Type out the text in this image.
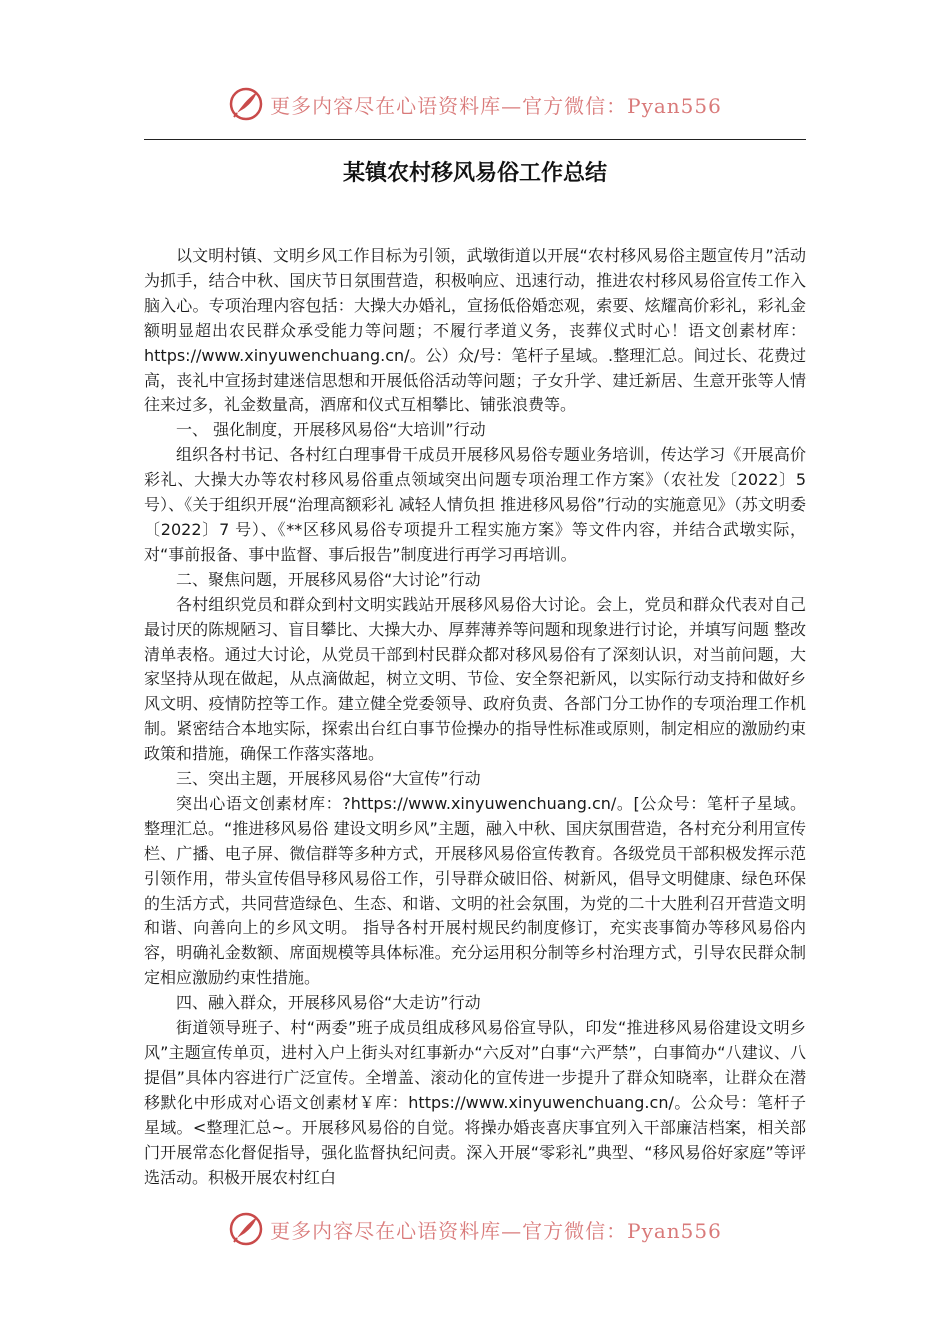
更多内容尽在心语资料库—官方微信：Pyan556
某镇农村移风易俗工作总结

以文明村镇、文明乡风工作目标为引领，武墩街道以开展“农村移风易俗主题宣传月”活动为抓手，结合中秋、国庆节日氛围营造，积极响应、迅速行动，推进农村移风易俗宣传工作入脑入心。专项治理内容包括：大操大办婚礼，宣扬低俗婚恋观，索要、炫耀高价彩礼，彩礼金额明显超出农民群众承受能力等问题；不履行孝道义务，丧葬仪式时心！语文创素材库：https://www.xinyuwenchuang.cn/。公）众/号：笔杆子星域。.整理汇总。间过长、花费过高，丧礼中宣扬封建迷信思想和开展低俗活动等问题；子女升学、建迁新居、生意开张等人情往来过多，礼金数量高，酒席和仪式互相攀比、铺张浪费等。

一、 强化制度，开展移风易俗“大培训”行动

组织各村书记、各村红白理事骨干成员开展移风易俗专题业务培训，传达学习《开展高价彩礼、大操大办等农村移风易俗重点领域突出问题专项治理工作方案》（农社发〔2022〕5 号）、《关于组织开展“治理高额彩礼 减轻人情负担 推进移风易俗”行动的实施意见》（苏文明委〔2022〕7 号）、《**区移风易俗专项提升工程实施方案》等文件内容，并结合武墩实际，对“事前报备、事中监督、事后报告”制度进行再学习再培训。

二、聚焦问题，开展移风易俗“大讨论”行动

各村组织党员和群众到村文明实践站开展移风易俗大讨论。会上，党员和群众代表对自己最讨厌的陈规陋习、盲目攀比、大操大办、厚葬薄养等问题和现象进行讨论，并填写问题 整改清单表格。通过大讨论，从党员干部到村民群众都对移风易俗有了深刻认识，对当前问题，大家坚持从现在做起，从点滴做起，树立文明、节俭、安全祭祀新风，以实际行动支持和做好乡风文明、疫情防控等工作。建立健全党委领导、政府负责、各部门分工协作的专项治理工作机制。紧密结合本地实际，探索出台红白事节俭操办的指导性标准或原则，制定相应的激励约束政策和措施，确保工作落实落地。

三、突出主题，开展移风易俗“大宣传”行动

突出心语文创素材库：?https://www.xinyuwenchuang.cn/。[公众号：笔杆子星域。整理汇总。“推进移风易俗 建设文明乡风”主题，融入中秋、国庆氛围营造，各村充分利用宣传栏、广播、电子屏、微信群等多种方式，开展移风易俗宣传教育。各级党员干部积极发挥示范引领作用，带头宣传倡导移风易俗工作，引导群众破旧俗、树新风，倡导文明健康、绿色环保的生活方式，共同营造绿色、生态、和谐、文明的社会氛围，为党的二十大胜利召开营造文明和谐、向善向上的乡风文明。 指导各村开展村规民约制度修订，充实丧事简办等移风易俗内容，明确礼金数额、席面规模等具体标准。充分运用积分制等乡村治理方式，引导农民群众制定相应激励约束性措施。

四、融入群众，开展移风易俗“大走访”行动

街道领导班子、村“两委”班子成员组成移风易俗宣导队，印发“推进移风易俗建设文明乡风”主题宣传单页，进村入户上街头对红事新办“六反对”白事“六严禁”，白事简办“八建议、八提倡”具体内容进行广泛宣传。全增盖、滚动化的宣传进一步提升了群众知晓率，让群众在潜移默化中形成对心语文创素材￥库：https://www.xinyuwenchuang.cn/。公众号：笔杆子星域。<整理汇总~。开展移风易俗的自觉。将操办婚丧喜庆事宜列入干部廉洁档案，相关部门开展常态化督促指导，强化监督执纪问责。深入开展“零彩礼”典型、“移风易俗好家庭”等评选活动。积极开展农村红白

更多内容尽在心语资料库—官方微信：Pyan556
